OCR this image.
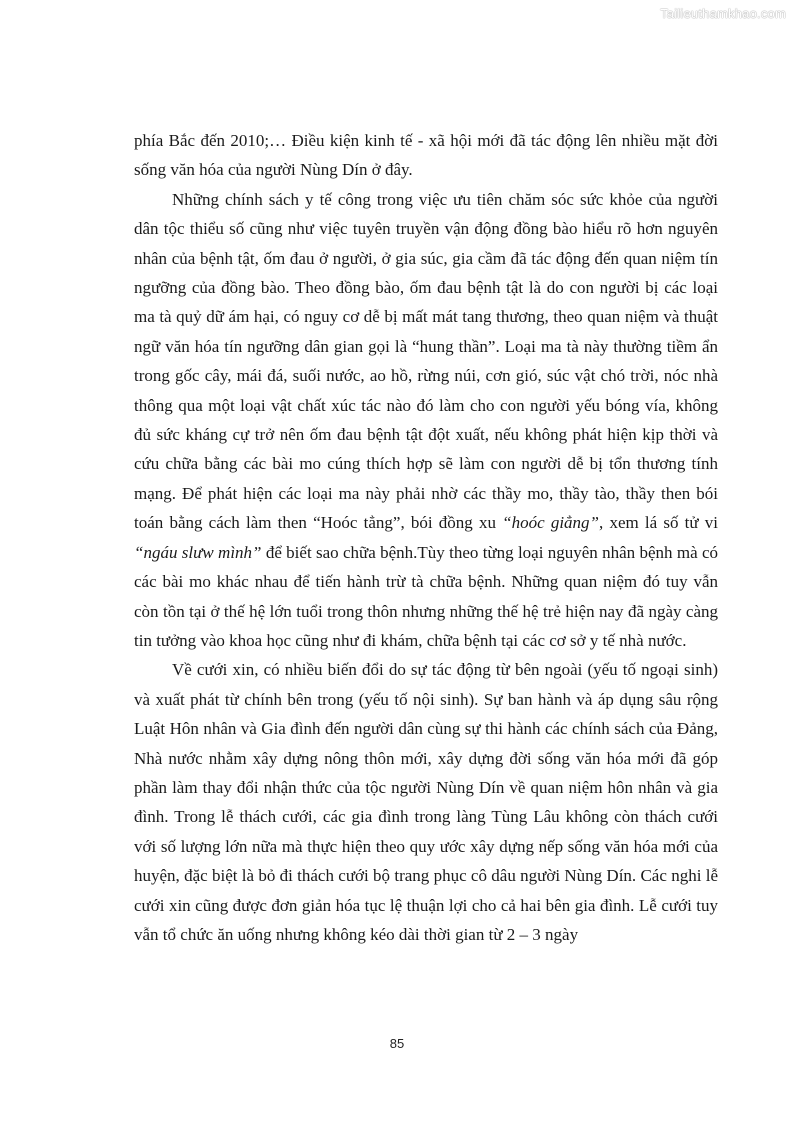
Tailieuthamkhao.com

phía Bắc đến 2010;… Điều kiện kinh tế - xã hội mới đã tác động lên nhiều mặt đời sống văn hóa của người Nùng Dín ở đây.

Những chính sách y tế công trong việc ưu tiên chăm sóc sức khỏe của người dân tộc thiểu số cũng như việc tuyên truyền vận động đồng bào hiểu rõ hơn nguyên nhân của bệnh tật, ốm đau ở người, ở gia súc, gia cầm đã tác động đến quan niệm tín ngưỡng của đồng bào. Theo đồng bào, ốm đau bệnh tật là do con người bị các loại ma tà quỷ dữ ám hại, có nguy cơ dễ bị mất mát tang thương, theo quan niệm và thuật ngữ văn hóa tín ngưỡng dân gian gọi là “hung thần”. Loại ma tà này thường tiềm ẩn trong gốc cây, mái đá, suối nước, ao hồ, rừng núi, cơn gió, súc vật chó trời, nóc nhà thông qua một loại vật chất xúc tác nào đó làm cho con người yếu bóng vía, không đủ sức kháng cự trở nên ốm đau bệnh tật đột xuất, nếu không phát hiện kịp thời và cứu chữa bằng các bài mo cúng thích hợp sẽ làm con người dễ bị tổn thương tính mạng. Để phát hiện các loại ma này phải nhờ các thầy mo, thầy tào, thầy then bói toán bằng cách làm then “Hoóc tẳng”, bói đồng xu “hoóc giẳng”, xem lá số tử vi “ngáu slưw mình” để biết sao chữa bệnh.Tùy theo từng loại nguyên nhân bệnh mà có các bài mo khác nhau để tiến hành trừ tà chữa bệnh. Những quan niệm đó tuy vẫn còn tồn tại ở thế hệ lớn tuổi trong thôn nhưng những thế hệ trẻ hiện nay đã ngày càng tin tưởng vào khoa học cũng như đi khám, chữa bệnh tại các cơ sở y tế nhà nước.

Về cưới xin, có nhiều biến đổi do sự tác động từ bên ngoài (yếu tố ngoại sinh) và xuất phát từ chính bên trong (yếu tố nội sinh). Sự ban hành và áp dụng sâu rộng Luật Hôn nhân và Gia đình đến người dân cùng sự thi hành các chính sách của Đảng, Nhà nước nhằm xây dựng nông thôn mới, xây dựng đời sống văn hóa mới đã góp phần làm thay đổi nhận thức của tộc người Nùng Dín về quan niệm hôn nhân và gia đình. Trong lễ thách cưới, các gia đình trong làng Tùng Lâu không còn thách cưới với số lượng lớn nữa mà thực hiện theo quy ước xây dựng nếp sống văn hóa mới của huyện, đặc biệt là bỏ đi thách cưới bộ trang phục cô dâu người Nùng Dín. Các nghi lễ cưới xin cũng được đơn giản hóa tục lệ thuận lợi cho cả hai bên gia đình. Lễ cưới tuy vẫn tổ chức ăn uống nhưng không kéo dài thời gian từ 2 – 3 ngày

85
